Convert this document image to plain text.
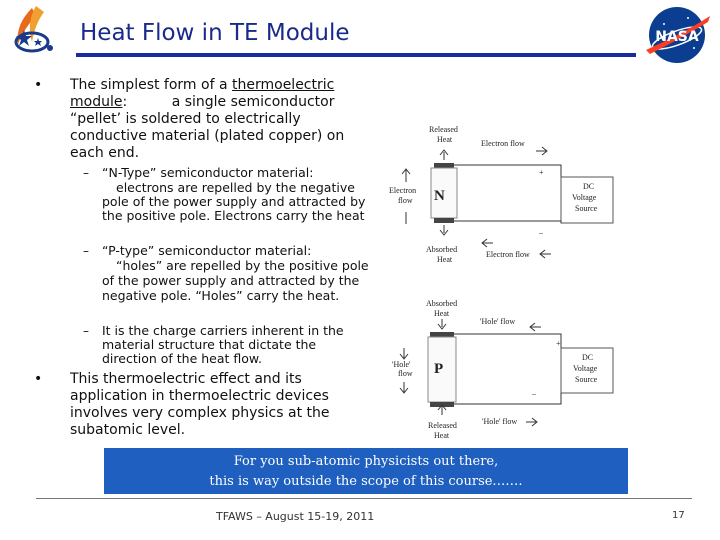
Heat Flow in TE Module	NASA
• The simplest form of a thermoelectric
module:          a single semiconductor
“pellet’ is soldered to electrically
conductive material (plated copper) on
each end.
– “N-Type” semiconductor material:
electrons are repelled by the negative
pole of the power supply and attracted by
the positive pole. Electrons carry the heat
– “P-type” semiconductor material:
“holes” are repelled by the positive pole
of the power supply and attracted by the
negative pole. “Holes” carry the heat.
– It is the charge carriers inherent in the
material structure that dictate the
direction of the heat flow.
• This thermoelectric effect and its
application in thermoelectric devices
involves very complex physics at the
subatomic level.
Released
Heat	Electron flow
+
N
Electron
flow
DC
Voltage
Source
–
Absorbed
Heat
Electron flow
Absorbed
Heat
'Hole' flow
+
P
'Hole'
flow
DC
Voltage
Source
–
Released
Heat
'Hole' flow
For you sub-atomic physicists out there,
this is way outside the scope of this course.……
TFAWS – August 15-19, 2011	17
